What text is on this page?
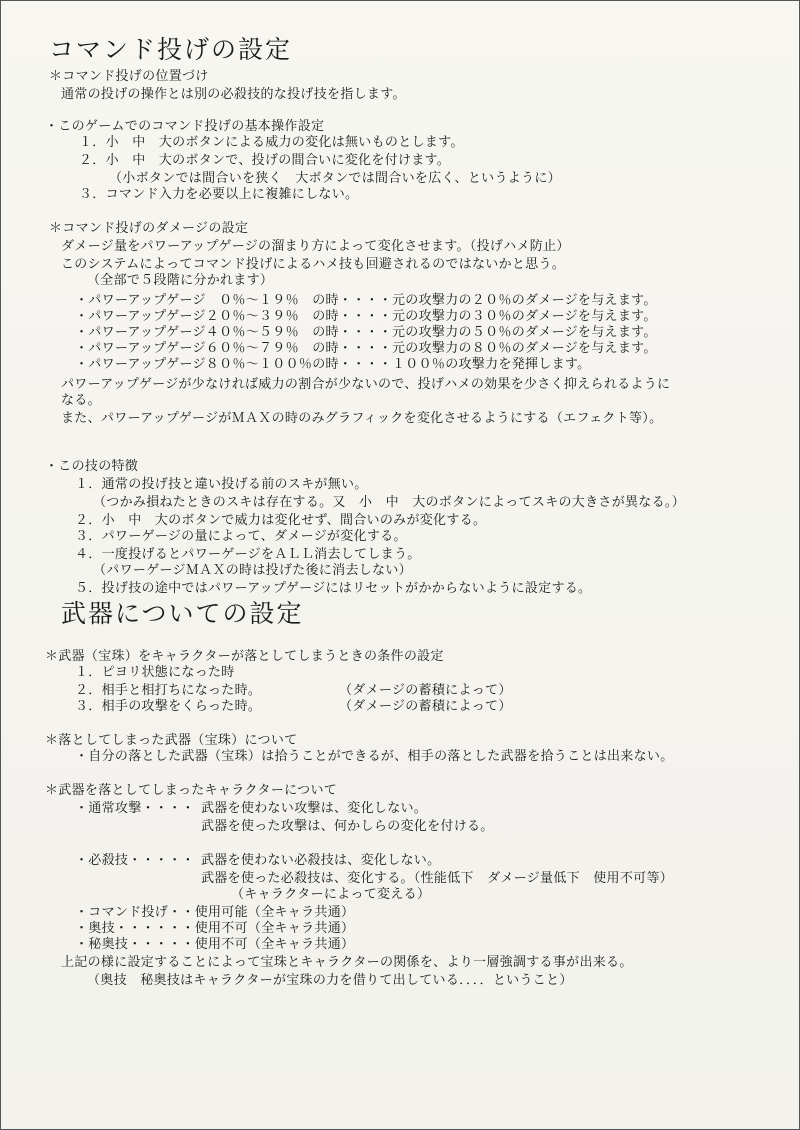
コマンド投げの設定
＊コマンド投げの位置づけ
通常の投げの操作とは別の必殺技的な投げ技を指します。
・このゲームでのコマンド投げの基本操作設定
１．小　中　大のボタンによる威力の変化は無いものとします。
２．小　中　大のボタンで、投げの間合いに変化を付けます。
（小ボタンでは間合いを狭く　大ボタンでは間合いを広く、というように）
３．コマンド入力を必要以上に複雑にしない。
＊コマンド投げのダメージの設定
ダメージ量をパワーアップゲージの溜まり方によって変化させます。（投げハメ防止）
このシステムによってコマンド投げによるハメ技も回避されるのではないかと思う。
（全部で５段階に分かれます）
・パワーアップゲージ　０％～１９％　の時・・・・元の攻撃力の２０％のダメージを与えます。
・パワーアップゲージ２０％～３９％　の時・・・・元の攻撃力の３０％のダメージを与えます。
・パワーアップゲージ４０％～５９％　の時・・・・元の攻撃力の５０％のダメージを与えます。
・パワーアップゲージ６０％～７９％　の時・・・・元の攻撃力の８０％のダメージを与えます。
・パワーアップゲージ８０％～１００％の時・・・・１００％の攻撃力を発揮します。
パワーアップゲージが少なければ威力の割合が少ないので、投げハメの効果を少さく抑えられるように
なる。
また、パワーアップゲージがＭＡＸの時のみグラフィックを変化させるようにする（エフェクト等）。
・この技の特徴
１．通常の投げ技と違い投げる前のスキが無い。
（つかみ損ねたときのスキは存在する。又　小　中　大のボタンによってスキの大きさが異なる。）
２．小　中　大のボタンで威力は変化せず、間合いのみが変化する。
３．パワーゲージの量によって、ダメージが変化する。
４．一度投げるとパワーゲージをＡＬＬ消去してしまう。
（パワーゲージＭＡＸの時は投げた後に消去しない）
５．投げ技の途中ではパワーアップゲージにはリセットがかからないように設定する。
武器についての設定
＊武器（宝珠）をキャラクターが落としてしまうときの条件の設定
１．ピヨリ状態になった時
２．相手と相打ちになった時。	（ダメージの蓄積によって）
３．相手の攻撃をくらった時。	（ダメージの蓄積によって）
＊落としてしまった武器（宝珠）について
・自分の落とした武器（宝珠）は拾うことができるが、相手の落とした武器を拾うことは出来ない。
＊武器を落としてしまったキャラクターについて
・通常攻撃・・・・ 武器を使わない攻撃は、変化しない。
武器を使った攻撃は、何かしらの変化を付ける。
・必殺技・・・・・ 武器を使わない必殺技は、変化しない。
武器を使った必殺技は、変化する。（性能低下　ダメージ量低下　使用不可等）
（キャラクターによって変える）
・コマンド投げ・・使用可能（全キャラ共通）
・奥技・・・・・・使用不可（全キャラ共通）
・秘奥技・・・・・使用不可（全キャラ共通）
上記の様に設定することによって宝珠とキャラクターの関係を、より一層強調する事が出来る。
（奥技　秘奥技はキャラクターが宝珠の力を借りて出している．．．．ということ）
